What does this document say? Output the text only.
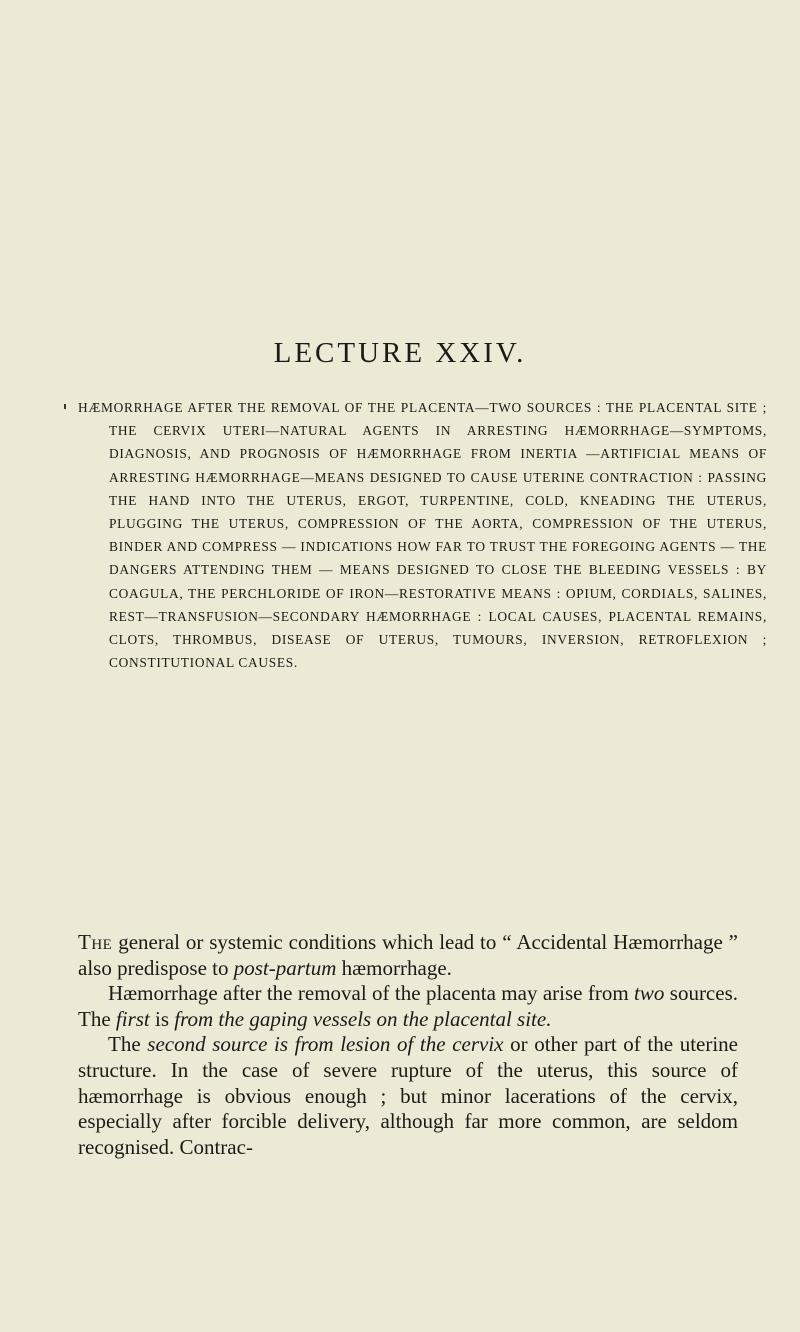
LECTURE XXIV.

HÆMORRHAGE AFTER THE REMOVAL OF THE PLACENTA—TWO SOURCES : THE PLACENTAL SITE ; THE CERVIX UTERI—NATURAL AGENTS IN ARRESTING HÆMORRHAGE—SYMPTOMS, DIAGNOSIS, AND PROGNOSIS OF HÆMORRHAGE FROM INERTIA —ARTIFICIAL MEANS OF ARRESTING HÆMORRHAGE—MEANS DESIGNED TO CAUSE UTERINE CONTRACTION : PASSING THE HAND INTO THE UTERUS, ERGOT, TURPENTINE, COLD, KNEADING THE UTERUS, PLUGGING THE UTERUS, COMPRESSION OF THE AORTA, COMPRESSION OF THE UTERUS, BINDER AND COMPRESS — INDICATIONS HOW FAR TO TRUST THE FOREGOING AGENTS — THE DANGERS ATTENDING THEM — MEANS DESIGNED TO CLOSE THE BLEEDING VESSELS : BY COAGULA, THE PERCHLORIDE OF IRON—RESTORATIVE MEANS : OPIUM, CORDIALS, SALINES, REST—TRANSFUSION—SECONDARY HÆMORRHAGE : LOCAL CAUSES, PLACENTAL REMAINS, CLOTS, THROMBUS, DISEASE OF UTERUS, TUMOURS, INVERSION, RETROFLEXION ; CONSTITUTIONAL CAUSES.

The general or systemic conditions which lead to “ Accidental Hæmorrhage ” also predispose to post-partum hæmorrhage.

Hæmorrhage after the removal of the placenta may arise from two sources. The first is from the gaping vessels on the placental site.

The second source is from lesion of the cervix or other part of the uterine structure. In the case of severe rupture of the uterus, this source of hæmorrhage is obvious enough ; but minor lacerations of the cervix, especially after forcible delivery, although far more common, are seldom recognised. Contrac-
